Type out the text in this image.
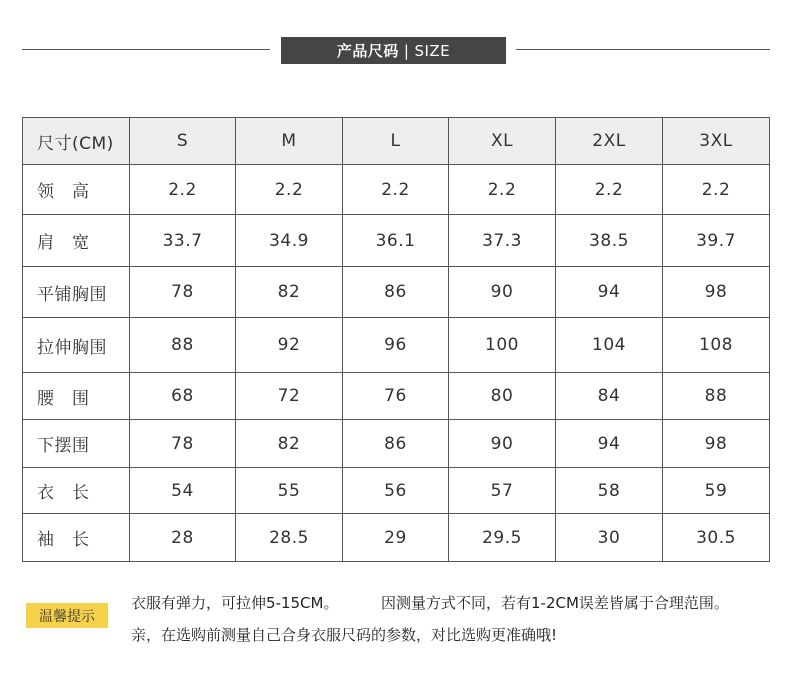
产品尺码 | SIZE
尺寸(CM)	S	M	L	XL	2XL	3XL
领　高	2.2	2.2	2.2	2.2	2.2	2.2
肩　宽	33.7	34.9	36.1	37.3	38.5	39.7
平铺胸围	78	82	86	90	94	98
拉伸胸围	88	92	96	100	104	108
腰　围	68	72	76	80	84	88
下摆围	78	82	86	90	94	98
衣　长	54	55	56	57	58	59
袖　长	28	28.5	29	29.5	30	30.5
温馨提示
衣服有弹力，可拉伸5-15CM。	因测量方式不同，若有1-2CM误差皆属于合理范围。
亲，在选购前测量自己合身衣服尺码的参数，对比选购更准确哦!
